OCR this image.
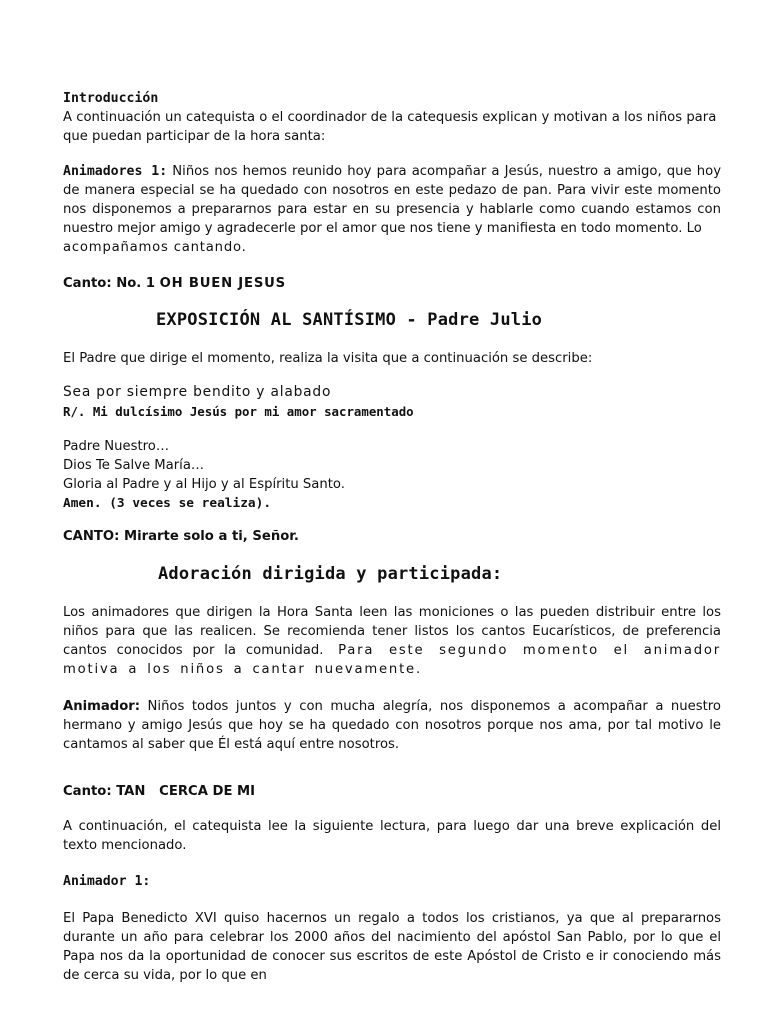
Introducción
A continuación un catequista o el coordinador de la catequesis explican y motivan a los niños para que puedan participar de la hora santa:

Animadores 1: Niños nos hemos reunido hoy para acompañar a Jesús, nuestro a amigo, que hoy de manera especial se ha quedado con nosotros en este pedazo de pan. Para vivir este momento nos disponemos a prepararnos para estar en su presencia y hablarle como cuando estamos con nuestro mejor amigo y agradecerle por el amor que nos tiene y manifiesta en todo momento. Lo
acompañamos cantando.

Canto: No. 1 OH BUEN JESUS

EXPOSICIÓN AL SANTÍSIMO - Padre Julio

El Padre que dirige el momento, realiza la visita que a continuación se describe:

Sea por siempre bendito y alabado
R/. Mi dulcísimo Jesús por mi amor sacramentado

Padre Nuestro…
Dios Te Salve María…
Gloria al Padre y al Hijo y al Espíritu Santo.
Amen. (3 veces se realiza).

CANTO: Mirarte solo a ti, Señor.

Adoración dirigida y participada:

Los animadores que dirigen la Hora Santa leen las moniciones o las pueden distribuir entre los niños para que las realicen. Se recomienda tener listos los cantos Eucarísticos, de preferencia cantos conocidos por la comunidad. Para este segundo momento el animador motiva a los niños a cantar nuevamente.

Animador: Niños todos juntos y con mucha alegría, nos disponemos a acompañar a nuestro hermano y amigo Jesús que hoy se ha quedado con nosotros porque nos ama, por tal motivo le cantamos al saber que Él está aquí entre nosotros.

Canto: TAN   CERCA DE MI

A continuación, el catequista lee la siguiente lectura, para luego dar una breve explicación del texto mencionado.

Animador 1:

El Papa Benedicto XVI quiso hacernos un regalo a todos los cristianos, ya que al prepararnos durante un año para celebrar los 2000 años del nacimiento del apóstol San Pablo, por lo que el Papa nos da la oportunidad de conocer sus escritos de este Apóstol de Cristo e ir conociendo más de cerca su vida, por lo que en
